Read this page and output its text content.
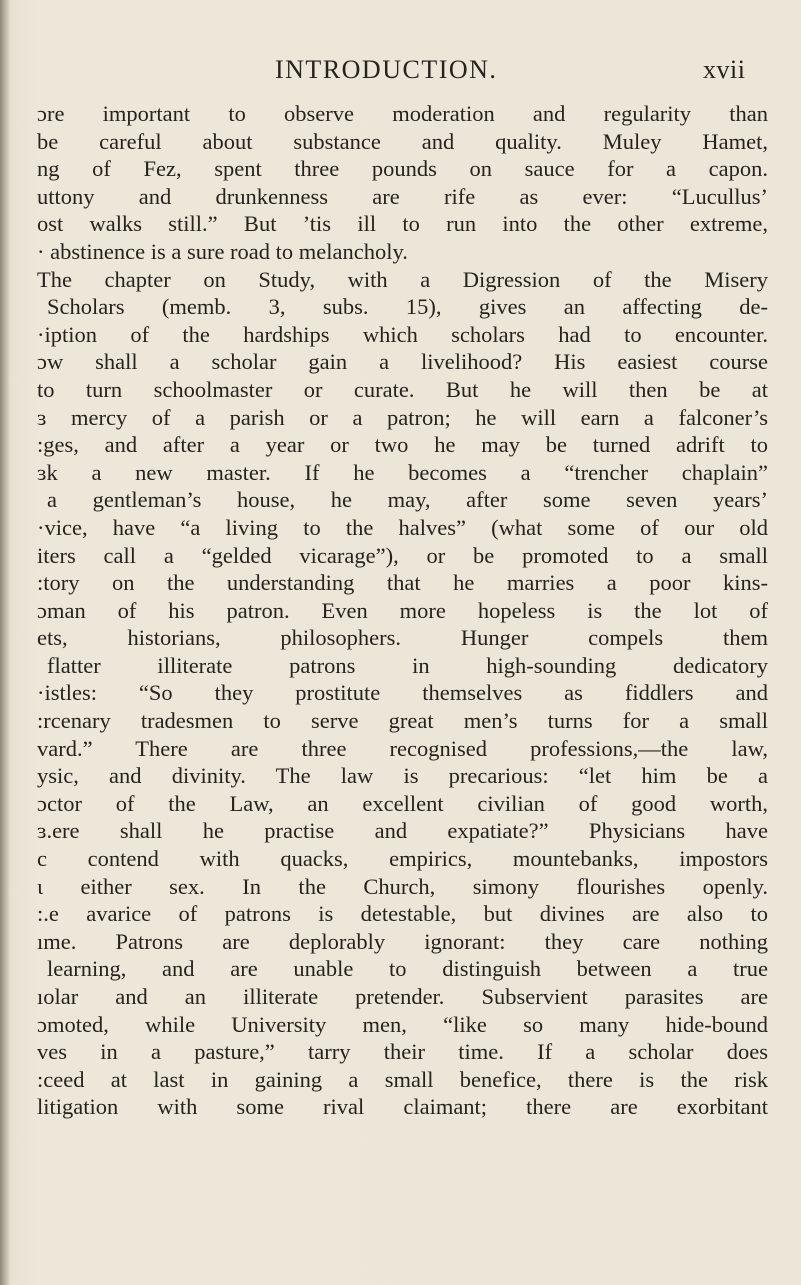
INTRODUCTION.	xvii
ɔre important to observe moderation and regularity than
be careful about substance and quality. Muley Hamet,
ng of Fez, spent three pounds on sauce for a capon.
uttony and drunkenness are rife as ever: “Lucullus’
ost walks still.” But ’tis ill to run into the other extreme,
· abstinence is a sure road to melancholy.
The chapter on Study, with a Digression of the Misery
Scholars (memb. 3, subs. 15), gives an affecting de-
·iption of the hardships which scholars had to encounter.
ɔw shall a scholar gain a livelihood? His easiest course
to turn schoolmaster or curate. But he will then be at
ɜ mercy of a parish or a patron; he will earn a falconer’s
:ges, and after a year or two he may be turned adrift to
ɜk a new master. If he becomes a “trencher chaplain”
a gentleman’s house, he may, after some seven years’
·vice, have “a living to the halves” (what some of our old
iters call a “gelded vicarage”), or be promoted to a small
:tory on the understanding that he marries a poor kins-
ɔman of his patron. Even more hopeless is the lot of
ets, historians, philosophers. Hunger compels them
flatter illiterate patrons in high-sounding dedicatory
·istles: “So they prostitute themselves as fiddlers and
:rcenary tradesmen to serve great men’s turns for a small
vard.” There are three recognised professions,—the law,
ysic, and divinity. The law is precarious: “let him be a
ɔctor of the Law, an excellent civilian of good worth,
ɜ.ere shall he practise and expatiate?” Physicians have
c contend with quacks, empirics, mountebanks, impostors
ɩ either sex. In the Church, simony flourishes openly.
:.e avarice of patrons is detestable, but divines are also to
ıme. Patrons are deplorably ignorant: they care nothing
learning, and are unable to distinguish between a true
ıolar and an illiterate pretender. Subservient parasites are
ɔmoted, while University men, “like so many hide-bound
ves in a pasture,” tarry their time. If a scholar does
:ceed at last in gaining a small benefice, there is the risk
litigation with some rival claimant; there are exorbitant
